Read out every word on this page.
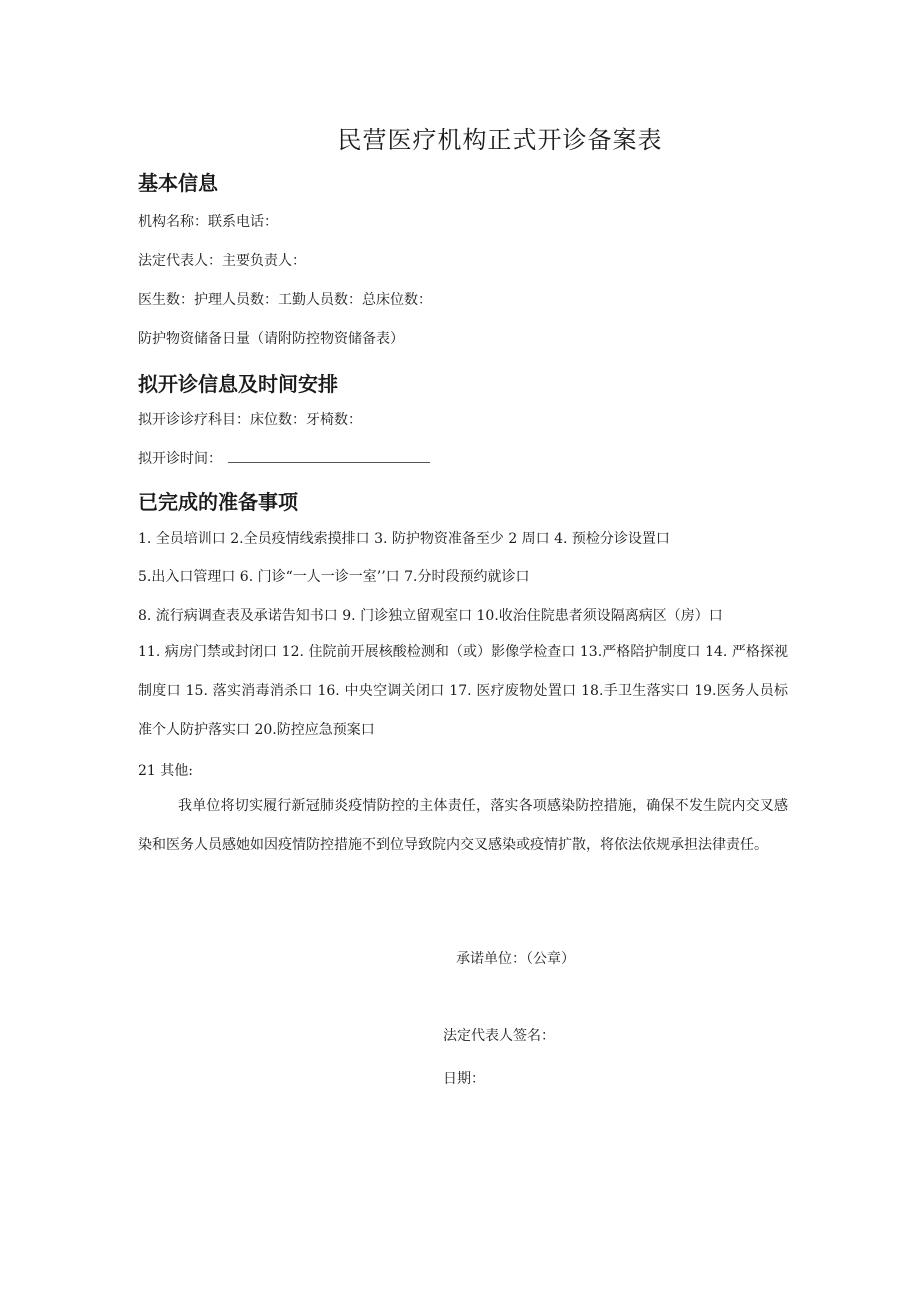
民营医疗机构正式开诊备案表
基本信息

机构名称：联系电话：

法定代表人：主要负责人：

医生数：护理人员数：工勤人员数：总床位数：

防护物资储备日量（请附防控物资储备表）

拟开诊信息及时间安排

拟开诊诊疗科目：床位数：牙椅数：

拟开诊时间：

已完成的准备事项

1. 全员培训口 2.全员疫情线索摸排口 3. 防护物资准备至少 2 周口 4. 预检分诊设置口

5.出入口管理口 6. 门诊“一人一诊一室’’口 7.分时段预约就诊口

8. 流行病调查表及承诺告知书口 9. 门诊独立留观室口 10.收治住院患者须设隔离病区（房）口

11. 病房门禁或封闭口 12. 住院前开展核酸检测和（或）影像学检查口 13.严格陪护制度口 14. 严格探视制度口 15. 落实消毒消杀口 16. 中央空调关闭口 17. 医疗废物处置口 18.手卫生落实口 19.医务人员标准个人防护落实口 20.防控应急预案口

21 其他:

我单位将切实履行新冠肺炎疫情防控的主体责任，落实各项感染防控措施，确保不发生院内交叉感染和医务人员感她如因疫情防控措施不到位导致院内交叉感染或疫情扩散，将依法依规承担法律责任。

承诺单位：（公章）

法定代表人签名：

日期：
